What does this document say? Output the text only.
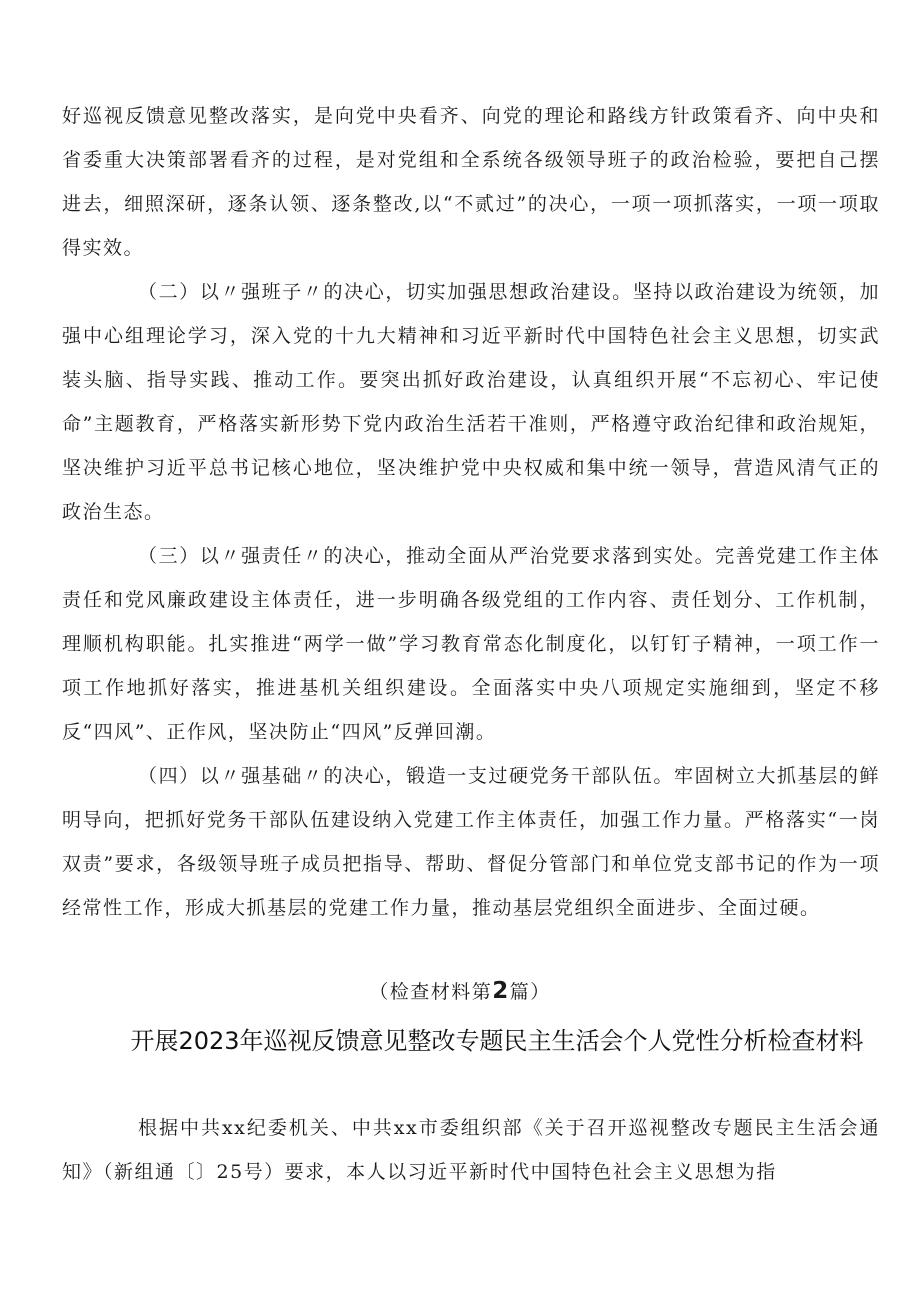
好巡视反馈意见整改落实，是向党中央看齐、向党的理论和路线方针政策看齐、向中央和省委重大决策部署看齐的过程，是对党组和全系统各级领导班子的政治检验，要把自己摆进去，细照深研，逐条认领、逐条整改,以“不贰过”的决心，一项一项抓落实，一项一项取得实效。

（二）以〃强班子〃的决心，切实加强思想政治建设。坚持以政治建设为统领，加强中心组理论学习，深入党的十九大精神和习近平新时代中国特色社会主义思想，切实武装头脑、指导实践、推动工作。要突出抓好政治建设，认真组织开展“不忘初心、牢记使命”主题教育，严格落实新形势下党内政治生活若干准则，严格遵守政治纪律和政治规矩，坚决维护习近平总书记核心地位，坚决维护党中央权威和集中统一领导，营造风清气正的政治生态。

（三）以〃强责任〃的决心，推动全面从严治党要求落到实处。完善党建工作主体责任和党风廉政建设主体责任，进一步明确各级党组的工作内容、责任划分、工作机制，理顺机构职能。扎实推进“两学一做”学习教育常态化制度化，以钉钉子精神，一项工作一项工作地抓好落实，推进基机关组织建设。全面落实中央八项规定实施细到，坚定不移反“四风”、正作风，坚决防止“四风”反弹回潮。

（四）以〃强基础〃的决心，锻造一支过硬党务干部队伍。牢固树立大抓基层的鲜明导向，把抓好党务干部队伍建设纳入党建工作主体责任，加强工作力量。严格落实“一岗双责”要求，各级领导班子成员把指导、帮助、督促分管部门和单位党支部书记的作为一项经常性工作，形成大抓基层的党建工作力量，推动基层党组织全面进步、全面过硬。

（检查材料第2篇）
开展2023年巡视反馈意见整改专题民主生活会个人党性分析检查材料

根据中共xx纪委机关、中共xx市委组织部《关于召开巡视整改专题民主生活会通知》（新组通〔〕25号）要求，本人以习近平新时代中国特色社会主义思想为指
